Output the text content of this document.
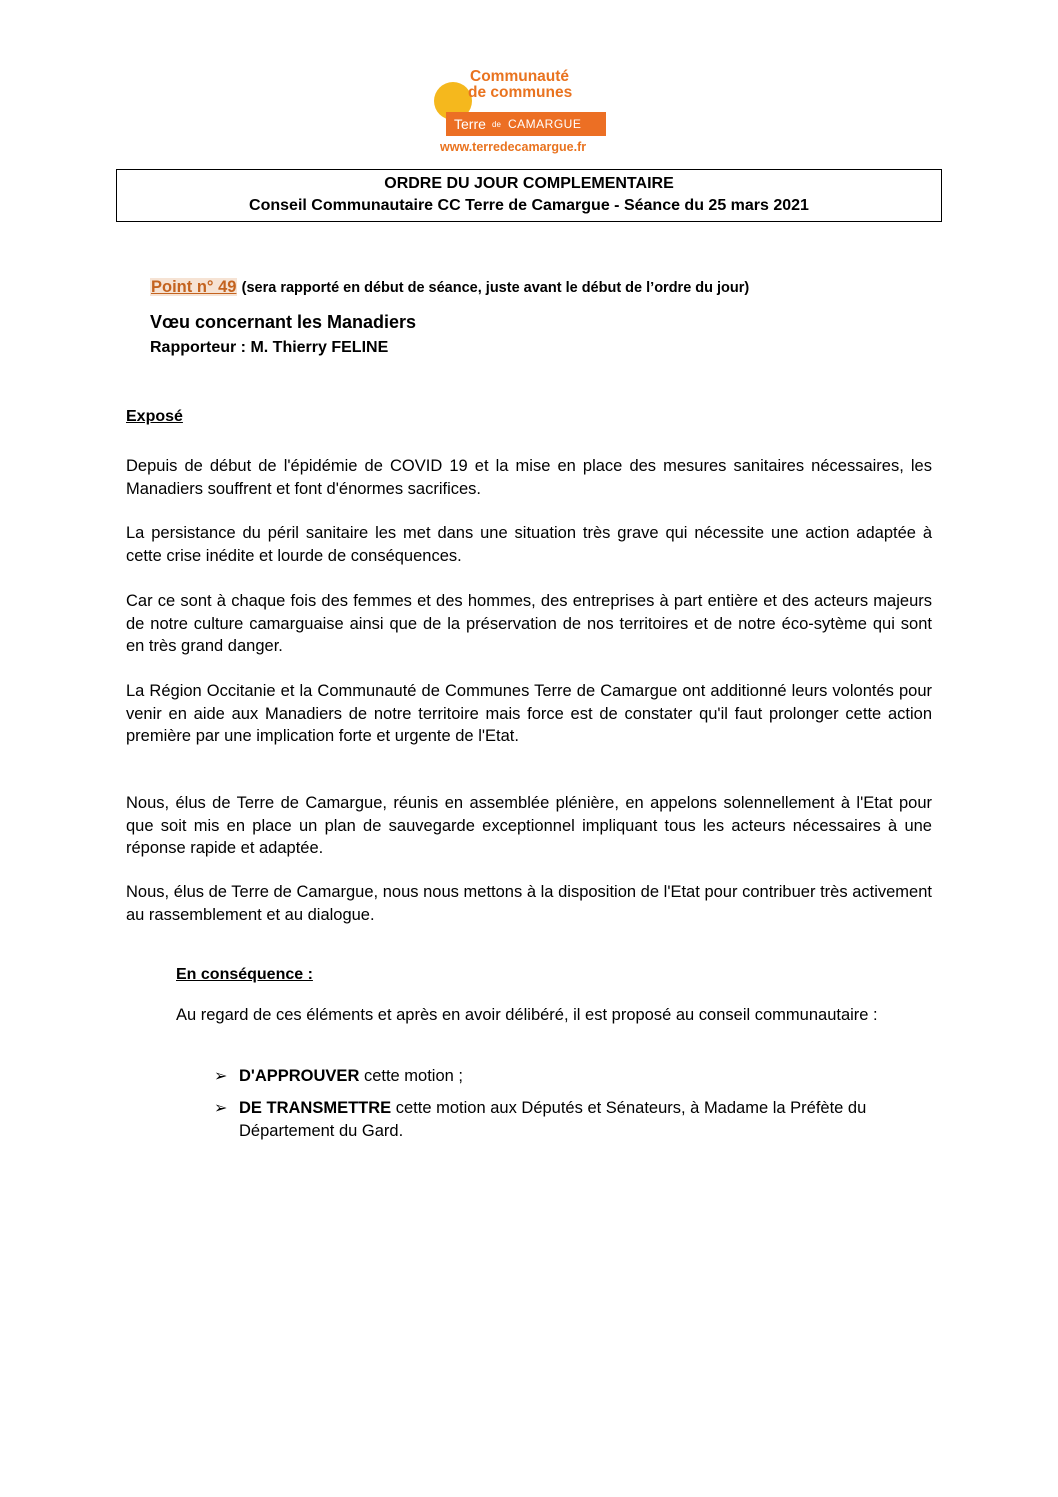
Communauté
de communes
Terre de CAMARGUE
www.terredecamargue.fr
ORDRE DU JOUR COMPLEMENTAIRE
Conseil Communautaire CC Terre de Camargue - Séance du 25 mars 2021
Point n° 49 (sera rapporté en début de séance, juste avant le début de l’ordre du jour)
Vœu concernant les Manadiers
Rapporteur : M. Thierry FELINE
Exposé
Depuis de début de l'épidémie de COVID 19 et la mise en place des mesures sanitaires nécessaires, les Manadiers souffrent et font d'énormes sacrifices.
La persistance du péril sanitaire les met dans une situation très grave qui nécessite une action adaptée à cette crise inédite et lourde de conséquences.
Car ce sont à chaque fois des femmes et des hommes, des entreprises à part entière et des acteurs majeurs de notre culture camarguaise ainsi que de la préservation de nos territoires et de notre éco-sytème qui sont en très grand danger.
La Région Occitanie et la Communauté de Communes Terre de Camargue ont additionné leurs volontés pour venir en aide aux Manadiers de notre territoire mais force est de constater qu'il faut prolonger cette action première par une implication forte et urgente de l'Etat.
Nous, élus de Terre de Camargue, réunis en assemblée plénière, en appelons solennellement à l'Etat pour que soit mis en place un plan de sauvegarde exceptionnel impliquant tous les acteurs nécessaires à une réponse rapide et adaptée.
Nous, élus de Terre de Camargue, nous nous mettons à la disposition de l'Etat pour contribuer très activement au rassemblement et au dialogue.
En conséquence :
Au regard de ces éléments et après en avoir délibéré, il est proposé au conseil communautaire :
➢ D'APPROUVER cette motion ;
➢ DE TRANSMETTRE cette motion aux Députés et Sénateurs, à Madame la Préfète du Département du Gard.
